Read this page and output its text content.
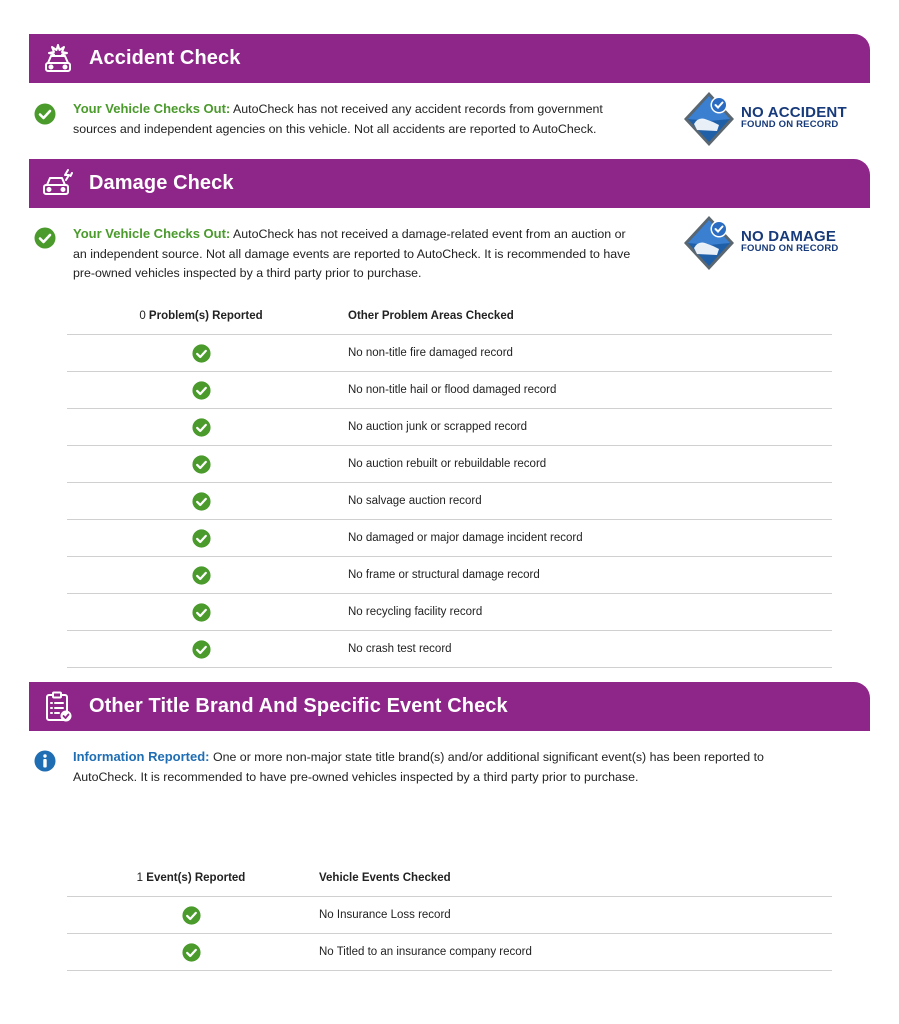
Accident Check
Your Vehicle Checks Out: AutoCheck has not received any accident records from government
sources and independent agencies on this vehicle. Not all accidents are reported to AutoCheck.
NO ACCIDENT
FOUND ON RECORD
Damage Check
Your Vehicle Checks Out: AutoCheck has not received a damage-related event from an auction or
an independent source. Not all damage events are reported to AutoCheck. It is recommended to have
pre-owned vehicles inspected by a third party prior to purchase.
NO DAMAGE
FOUND ON RECORD
0
Problem(s) Reported	Other Problem Areas Checked
No non-title fire damaged record
No non-title hail or flood damaged record
No auction junk or scrapped record
No auction rebuilt or rebuildable record
No salvage auction record
No damaged or major damage incident record
No frame or structural damage record
No recycling facility record
No crash test record
Other Title Brand And Specific Event Check
Information Reported: One or more non-major state title brand(s) and/or additional significant event(s) has been reported to
AutoCheck. It is recommended to have pre-owned vehicles inspected by a third party prior to purchase.
1
Event(s) Reported	Vehicle Events Checked
No Insurance Loss record
No Titled to an insurance company record
